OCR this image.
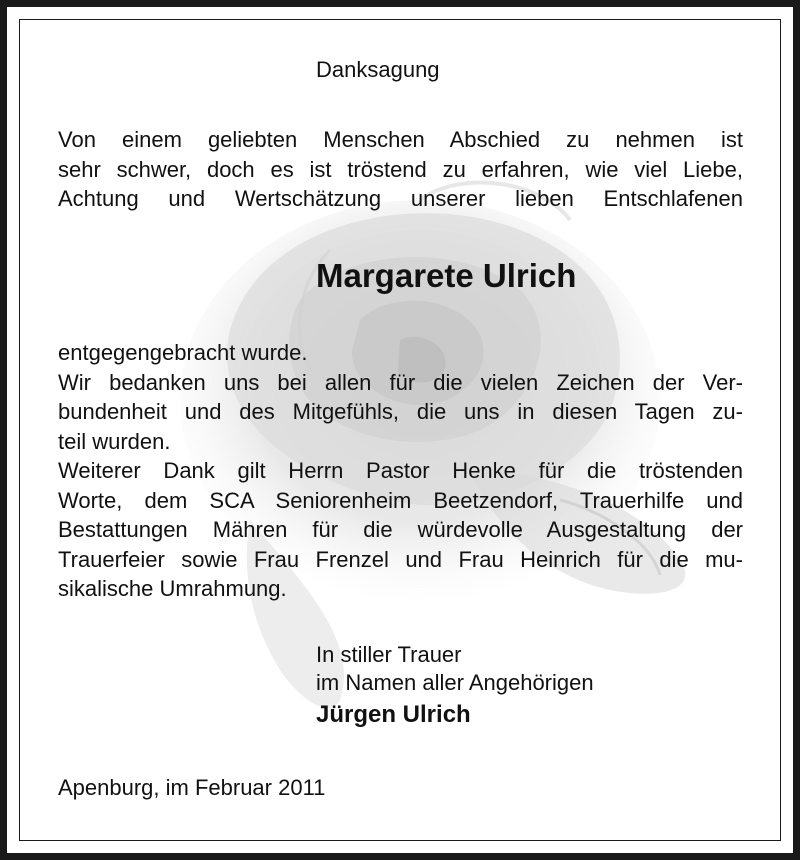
Danksagung

Von einem geliebten Menschen Abschied zu nehmen ist
sehr schwer, doch es ist tröstend zu erfahren, wie viel Liebe,
Achtung und Wertschätzung unserer lieben Entschlafenen

Margarete Ulrich

entgegengebracht wurde.
Wir bedanken uns bei allen für die vielen Zeichen der Ver-
bundenheit und des Mitgefühls, die uns in diesen Tagen zu-
teil wurden.
Weiterer Dank gilt Herrn Pastor Henke für die tröstenden
Worte, dem SCA Seniorenheim Beetzendorf, Trauerhilfe und
Bestattungen Mähren für die würdevolle Ausgestaltung der
Trauerfeier sowie Frau Frenzel und Frau Heinrich für die mu-
sikalische Umrahmung.

In stiller Trauer

im Namen aller Angehörigen

Jürgen Ulrich

Apenburg, im Februar 2011
